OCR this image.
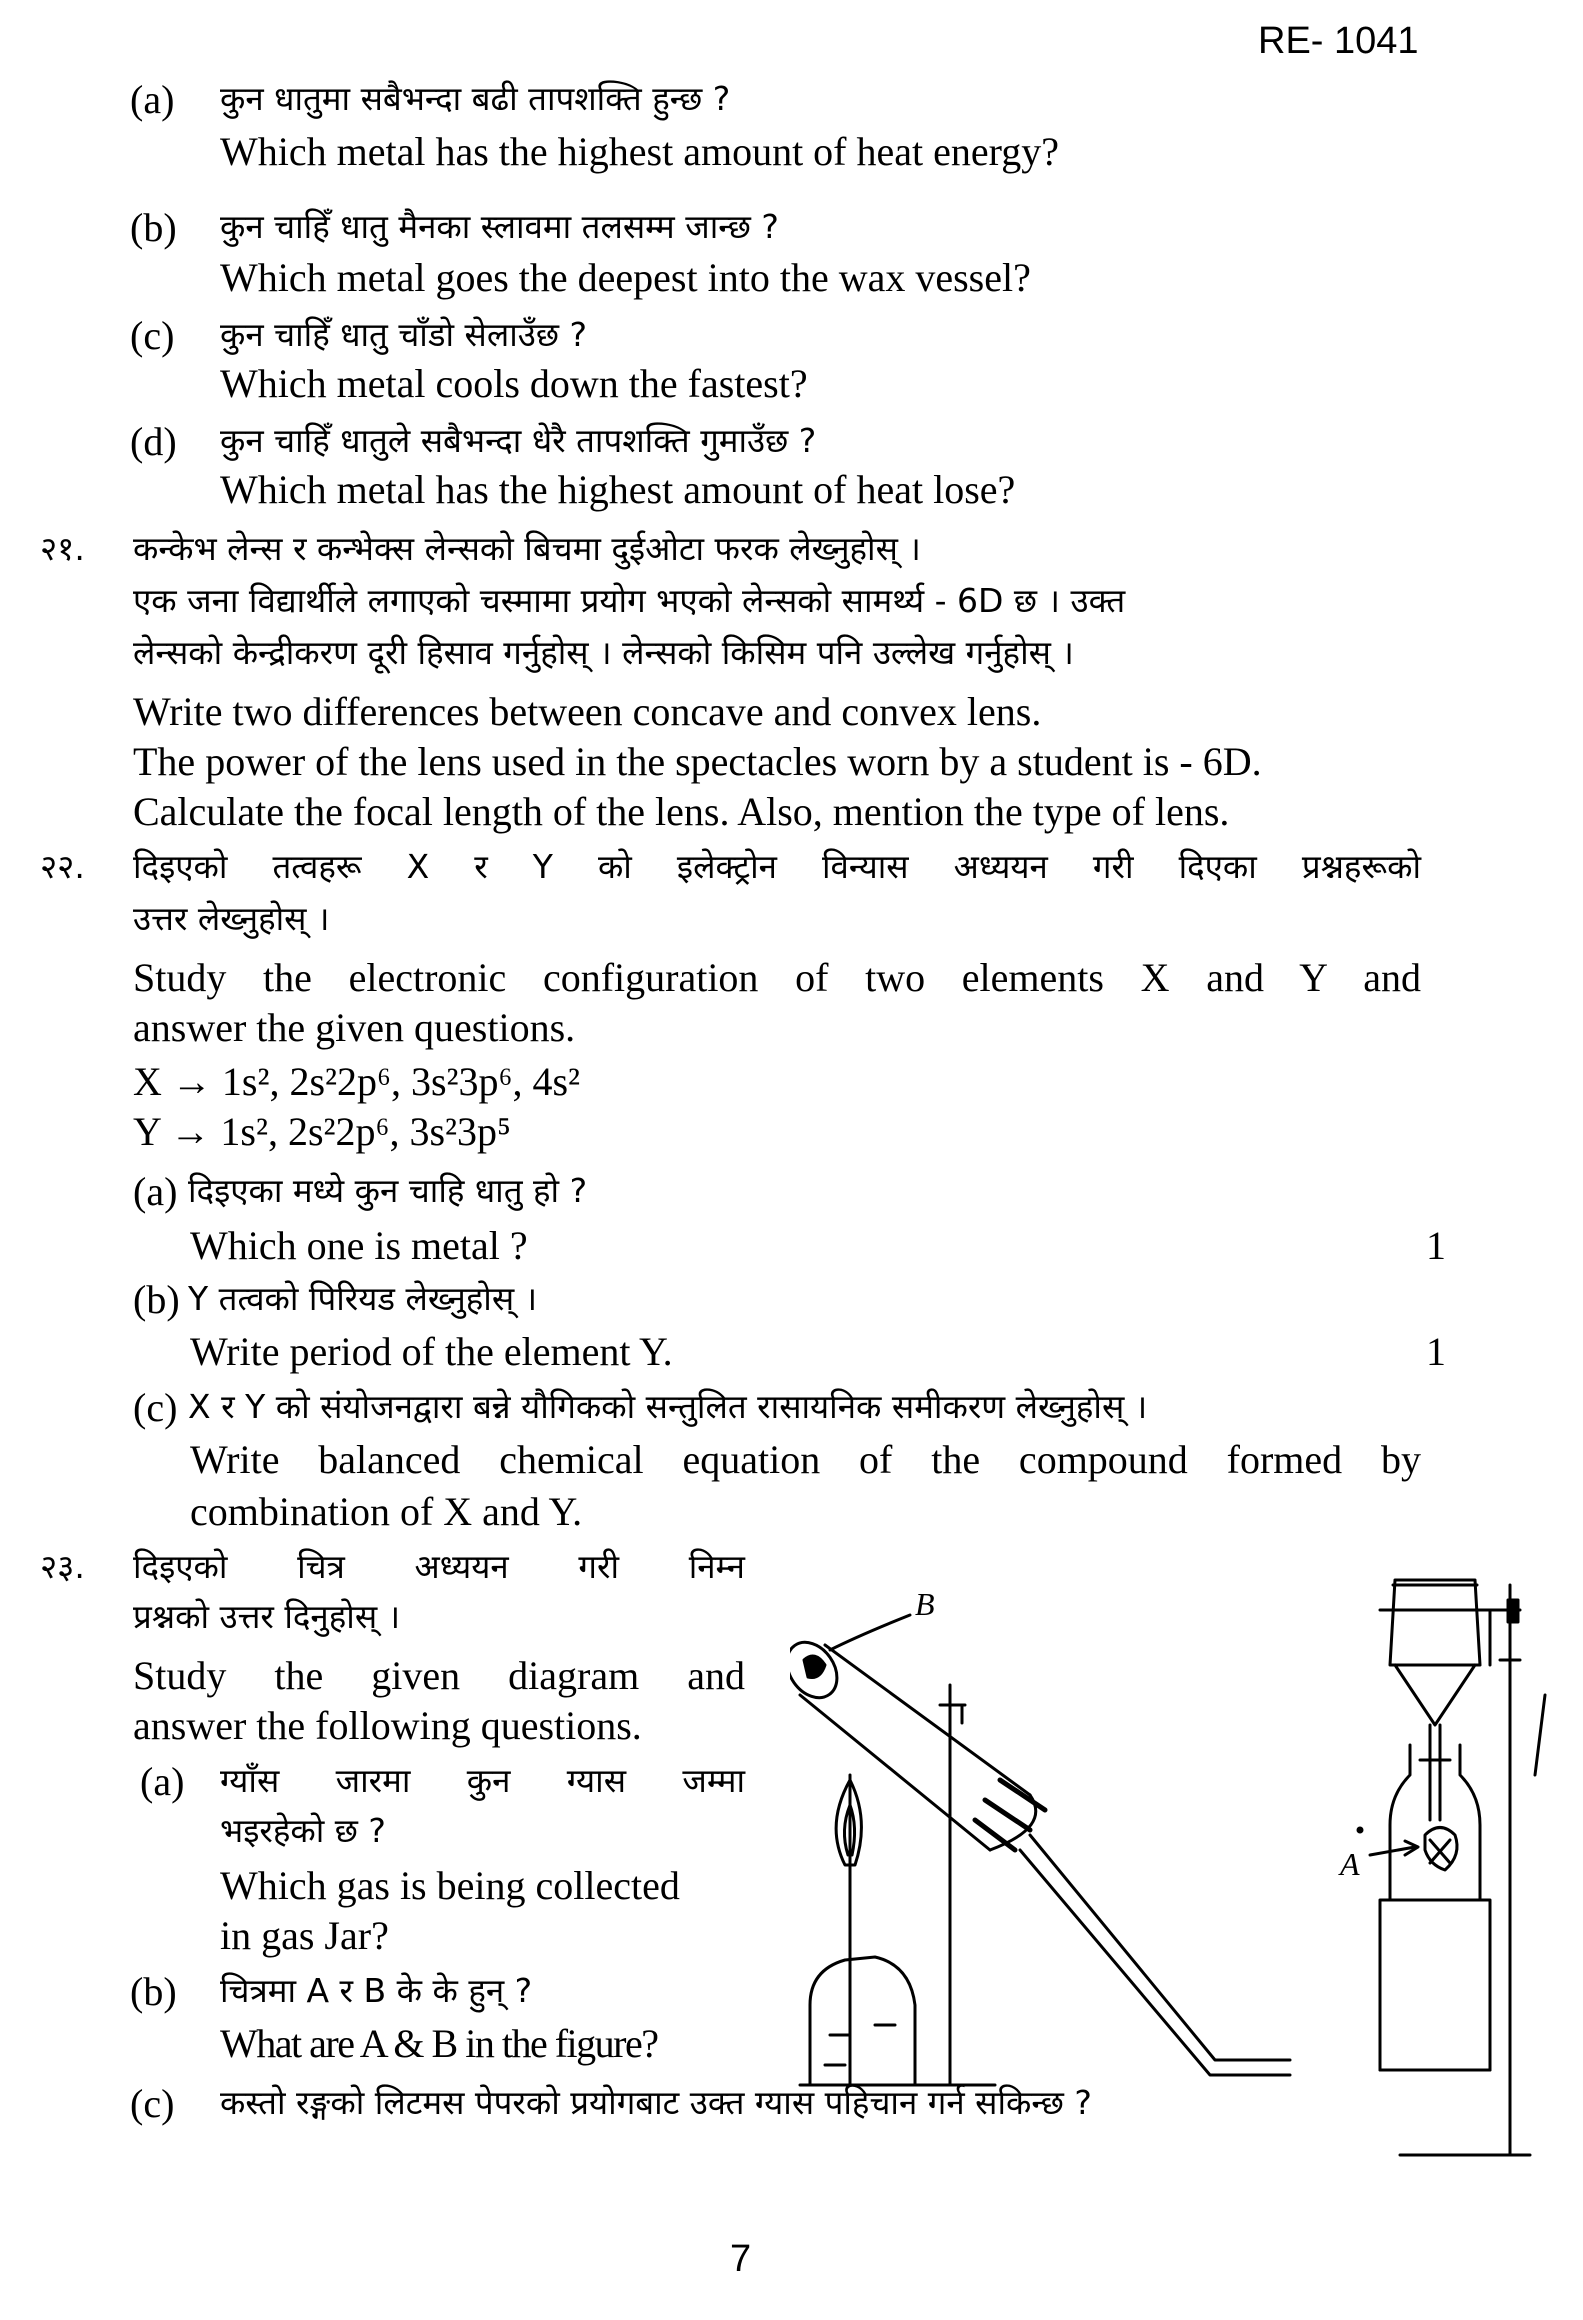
RE- 1041
(a) कुन धातुमा सबैभन्दा बढी तापशक्ति हुन्छ ?
Which metal has the highest amount of heat energy?
(b) कुन चाहिँ धातु मैनका स्लावमा तलसम्म जान्छ ?
Which metal goes the deepest into the wax vessel?
(c) कुन चाहिँ धातु चाँडो सेलाउँछ ?
Which metal cools down the fastest?
(d) कुन चाहिँ धातुले सबैभन्दा धेरै तापशक्ति गुमाउँछ ?
Which metal has the highest amount of heat lose?
२१. कन्केभ लेन्स र कन्भेक्स लेन्सको बिचमा दुईओटा फरक लेख्नुहोस् ।
एक जना विद्यार्थीले लगाएको चस्मामा प्रयोग भएको लेन्सको सामर्थ्य - 6D छ । उक्त
लेन्सको केन्द्रीकरण दूरी हिसाव गर्नुहोस् । लेन्सको किसिम पनि उल्लेख गर्नुहोस् ।
Write two differences between concave and convex lens.
The power of the lens used in the spectacles worn by a student is - 6D.
Calculate the focal length of the lens. Also, mention the type of lens.
२२. दिइएको तत्वहरू X र Y को इलेक्ट्रोन विन्यास अध्ययन गरी दिएका प्रश्नहरूको
उत्तर लेख्नुहोस् ।
Study the electronic configuration of two elements X and Y and
answer the given questions.
X → 1s², 2s²2p⁶, 3s²3p⁶, 4s²
Y → 1s², 2s²2p⁶, 3s²3p⁵
(a) दिइएका मध्ये कुन चाहि धातु हो ?
Which one is metal ?	1
(b) Y तत्वको पिरियड लेख्नुहोस् ।
Write period of the element Y.	1
(c) X र Y को संयोजनद्वारा बन्ने यौगिकको सन्तुलित रासायनिक समीकरण लेख्नुहोस् ।
Write balanced chemical equation of the compound formed by
combination of X and Y.
२३. दिइएको चित्र अध्ययन गरी निम्न
प्रश्नको उत्तर दिनुहोस् ।
Study the given diagram and
answer the following questions.
(a) ग्याँस जारमा कुन ग्यास जम्मा
भइरहेको छ ?
Which gas is being collected
in gas Jar?
(b) चित्रमा A र B के के हुन् ?
What are A & B in the figure?
(c) कस्तो रङ्गको लिटमस पेपरको प्रयोगबाट उक्त ग्यास पहिचान गर्न सकिन्छ ?
B
A
7
